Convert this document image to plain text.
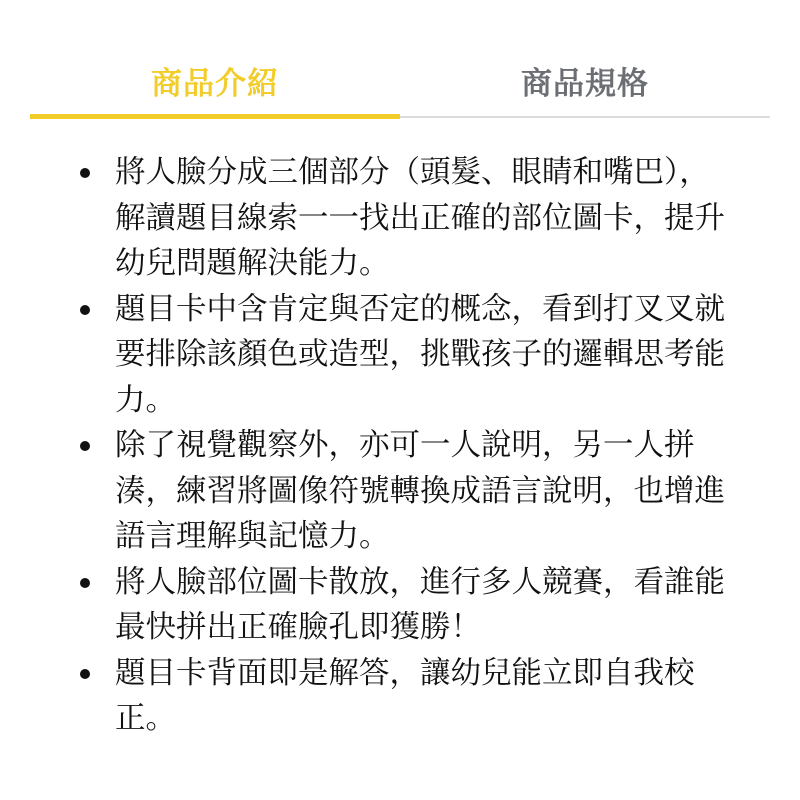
商品介紹	商品規格
將人臉分成三個部分（頭髮、眼睛和嘴巴），
解讀題目線索一一找出正確的部位圖卡，提升
幼兒問題解決能力。
題目卡中含肯定與否定的概念，看到打叉叉就
要排除該顏色或造型，挑戰孩子的邏輯思考能
力。
除了視覺觀察外，亦可一人說明，另一人拼
湊，練習將圖像符號轉換成語言說明，也增進
語言理解與記憶力。
將人臉部位圖卡散放，進行多人競賽，看誰能
最快拼出正確臉孔即獲勝！
題目卡背面即是解答，讓幼兒能立即自我校
正。
